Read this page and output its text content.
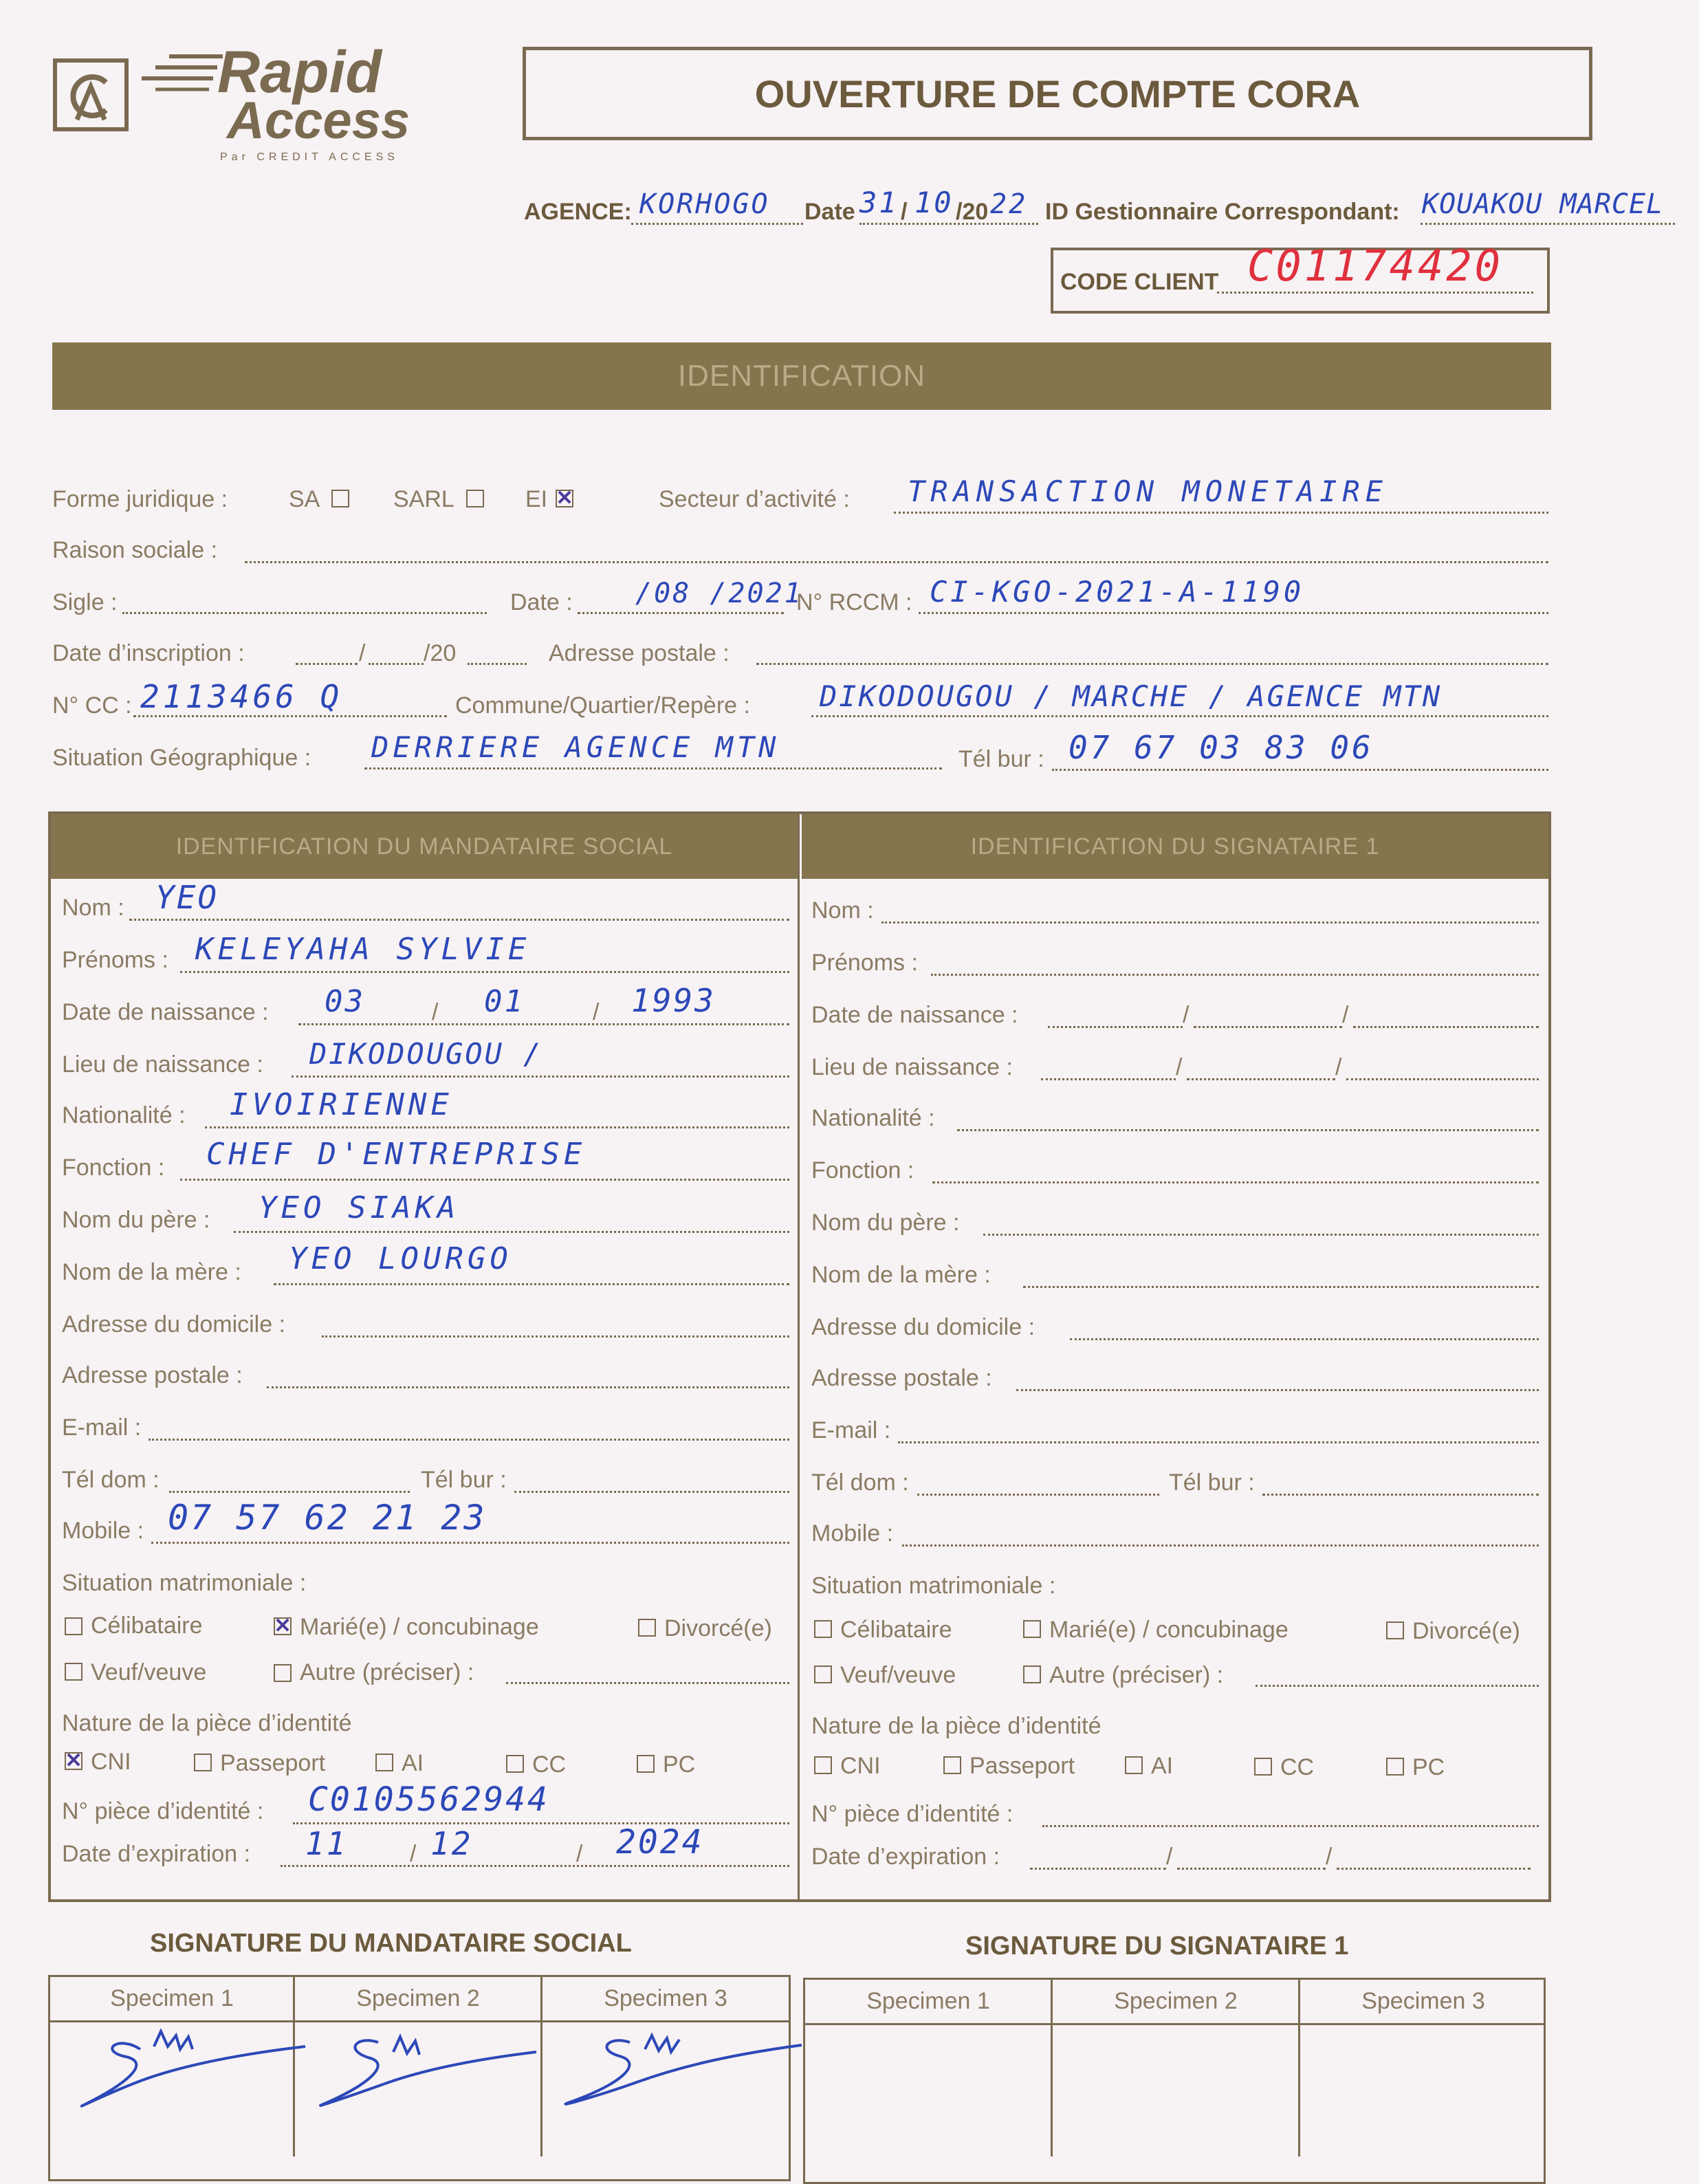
Rapid
Access
Par CREDIT ACCESS
OUVERTURE DE COMPTE CORA
AGENCE: KORHOGO Date 31 / 10 /20 22 ID Gestionnaire Correspondant: KOUAKOU MARCEL
CODE CLIENT C01174420
IDENTIFICATION
Forme juridique :	SA	SARL	EI ✕	Secteur d’activité : TRANSACTION MONETAIRE
Raison sociale :
Sigle :	Date : /08 /2021
N° RCCM : CI-KGO-2021-A-1190
Date d’inscription :	/ /20	Adresse postale :
N° CC : 2113466 Q	Commune/Quartier/Repère : DIKODOUGOU / MARCHE / AGENCE MTN
Situation Géographique : DERRIERE AGENCE MTN	Tél bur : 07 67 03 83 06
IDENTIFICATION DU MANDATAIRE SOCIAL	IDENTIFICATION DU SIGNATAIRE 1
Nom : YEO
Prénoms : KELEYAHA SYLVIE
Date de naissance : 03	/ 01	/ 1993
Lieu de naissance : DIKODOUGOU /
Nationalité : IVOIRIENNE
Fonction : CHEF D'ENTREPRISE
Nom du père : YEO SIAKA
Nom de la mère : YEO LOURGO
Adresse du domicile :
Adresse postale :
E-mail :
Tél dom :	Tél bur :
Mobile : 07 57 62 21 23
Situation matrimoniale :
Célibataire	✕ Marié(e) / concubinage	Divorcé(e)
Veuf/veuve	Autre (préciser) :
Nature de la pièce d’identité
✕ CNI	Passeport	AI	CC	PC
N° pièce d’identité : C0105562944
Date d’expiration : 11	/ 12	/ 2024
Nom :
Prénoms :
Date de naissance :	/	/
Lieu de naissance :	/	/
Nationalité :
Fonction :
Nom du père :
Nom de la mère :
Adresse du domicile :
Adresse postale :
E-mail :
Tél dom :	Tél bur :
Mobile :
Situation matrimoniale :
Célibataire	Marié(e) / concubinage	Divorcé(e)
Veuf/veuve	Autre (préciser) :
Nature de la pièce d’identité
CNI	Passeport	AI	CC	PC
N° pièce d’identité :
Date d’expiration :	/	/
SIGNATURE DU MANDATAIRE SOCIAL	SIGNATURE DU SIGNATAIRE 1
Specimen 1	Specimen 2	Specimen 3	Specimen 1	Specimen 2	Specimen 3
